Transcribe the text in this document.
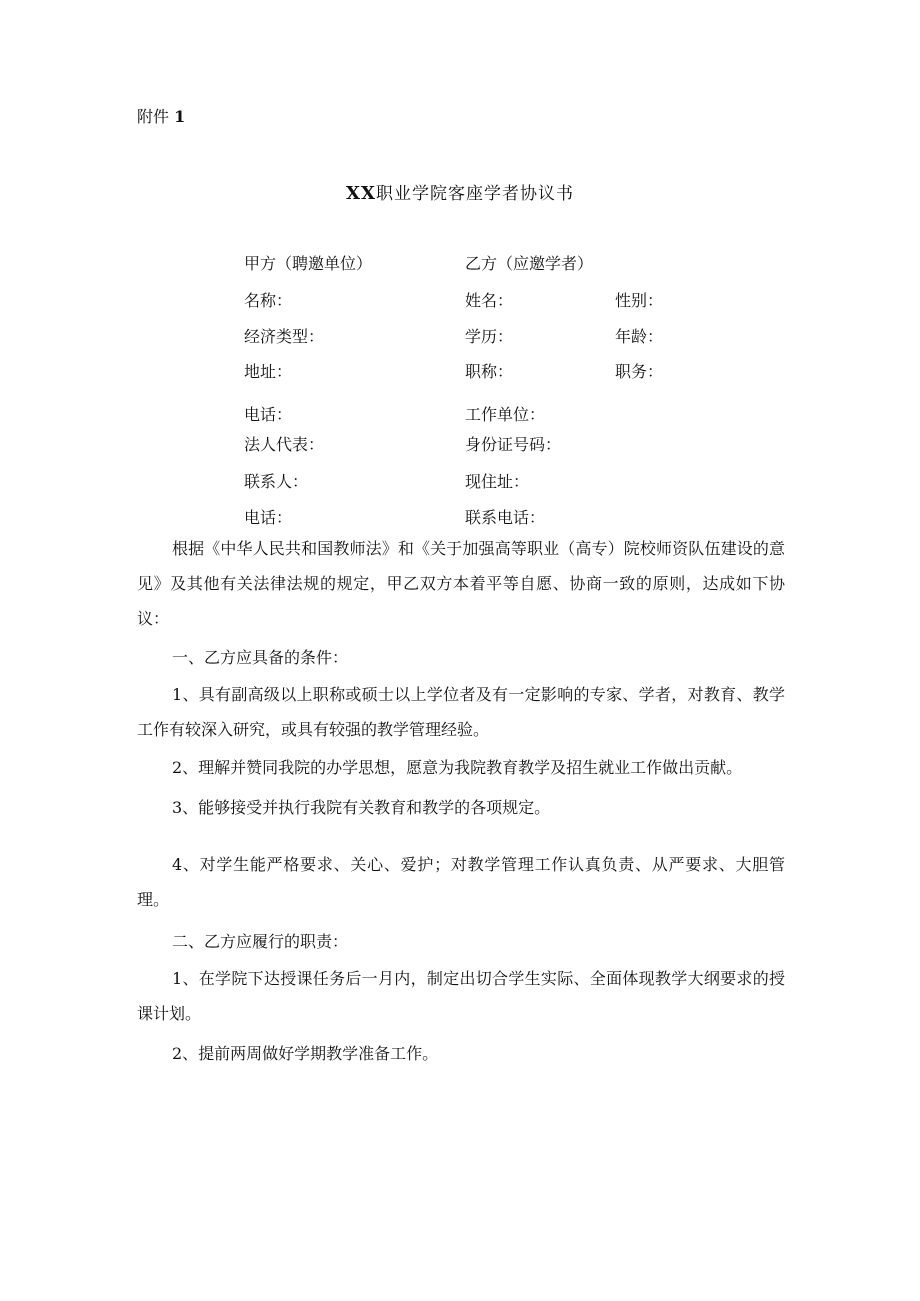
附件 1
XX职业学院客座学者协议书
甲方（聘邀单位）	乙方（应邀学者）
名称：	姓名：	性别：
经济类型：	学历：	年龄：
地址：	职称：	职务：
电话：	工作单位：
法人代表：	身份证号码：
联系人：	现住址：
电话：	联系电话：
根据《中华人民共和国教师法》和《关于加强高等职业（高专）院校师资队伍建设的意见》及其他有关法律法规的规定，甲乙双方本着平等自愿、协商一致的原则，达成如下协议：
一、乙方应具备的条件：
1、具有副高级以上职称或硕士以上学位者及有一定影响的专家、学者，对教育、教学工作有较深入研究，或具有较强的教学管理经验。
2、理解并赞同我院的办学思想，愿意为我院教育教学及招生就业工作做出贡献。
3、能够接受并执行我院有关教育和教学的各项规定。
4、对学生能严格要求、关心、爱护；对教学管理工作认真负责、从严要求、大胆管理。
二、乙方应履行的职责：
1、在学院下达授课任务后一月内，制定出切合学生实际、全面体现教学大纲要求的授课计划。
2、提前两周做好学期教学准备工作。
